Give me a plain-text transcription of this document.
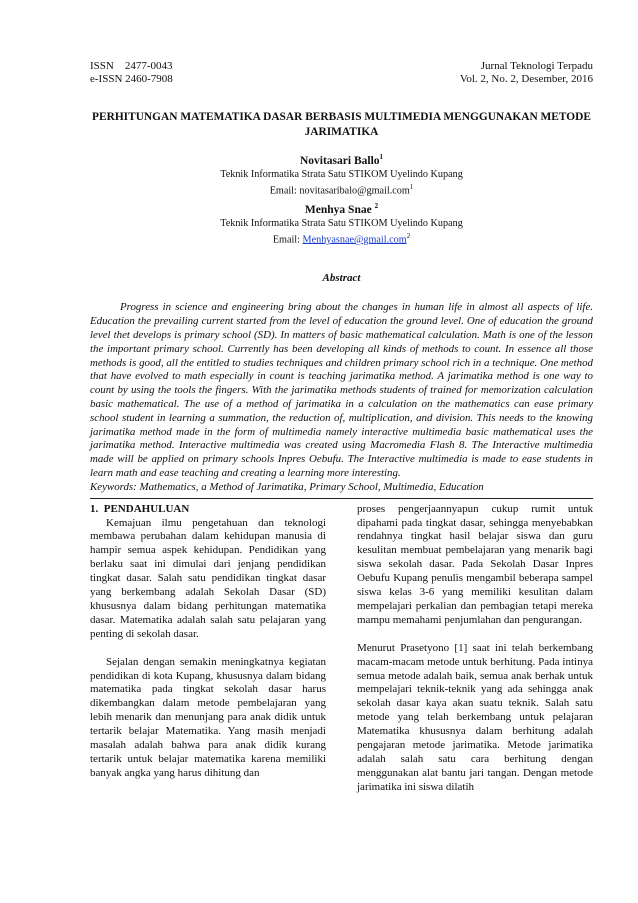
ISSN    2477-0043
e-ISSN 2460-7908
Jurnal Teknologi Terpadu
Vol. 2, No. 2, Desember, 2016
PERHITUNGAN MATEMATIKA DASAR BERBASIS MULTIMEDIA MENGGUNAKAN METODE JARIMATIKA
Novitasari Ballo$^1$
Teknik Informatika Strata Satu STIKOM Uyelindo Kupang
Email: novitasaribalo@gmail.com$^1$
Menhya Snae $^2$
Teknik Informatika Strata Satu STIKOM Uyelindo Kupang
Email: Menhyasnae@gmail.com$^2$
Abstract
Progress in science and engineering bring about the changes in human life in almost all aspects of life. Education the prevailing current started from the level of education the ground level. One of education the ground level thet develops is primary school (SD). In matters of basic mathematical calculation. Math is one of the lesson the important primary school. Currently has been developing all kinds of methods to count. In essence all those methods is good, all the entitled to studies techniques and children primary school rich in a technique. One method that have evolved to math especially in count is teaching jarimatika method. A jarimatika method is one way to count by using the tools the fingers. With the jarimatika methods students of trained for memorization calculation basic mathematical. The use of a method of jarimatika in a calculation on the mathematics can ease primary school student in learning a summation, the reduction of, multiplication, and division. This needs to the knowing jarimatika method made in the form of multimedia namely interactive multimedia basic mathematical uses the jarimatika method. Interactive multimedia was created using Macromedia Flash 8. The Interactive multimedia made will be applied on primary schools Inpres Oebufu. The Interactive multimedia is made to ease students in learn math and ease teaching and creating a learning more interesting.
Keywords: Mathematics, a Method of Jarimatika, Primary School, Multimedia, Education

1.  PENDAHULUAN

Kemajuan ilmu pengetahuan dan teknologi membawa perubahan dalam kehidupan manusia di hampir semua aspek kehidupan. Pendidikan yang berlaku saat ini dimulai dari jenjang pendidikan tingkat dasar. Salah satu pendidikan tingkat dasar yang berkembang adalah Sekolah Dasar (SD) khususnya dalam bidang perhitungan matematika dasar. Matematika adalah salah satu pelajaran yang penting di sekolah dasar.

Sejalan dengan semakin meningkatnya kegiatan pendidikan di kota Kupang, khususnya dalam bidang matematika pada tingkat sekolah dasar harus dikembangkan dalam metode pembelajaran yang lebih menarik dan menunjang para anak didik untuk tertarik belajar Matematika. Yang masih menjadi masalah adalah bahwa para anak didik kurang tertarik untuk belajar matematika karena memiliki banyak angka yang harus dihitung dan

proses pengerjaannyapun cukup rumit untuk dipahami pada tingkat dasar, sehingga menyebabkan rendahnya tingkat hasil belajar siswa dan guru kesulitan membuat pembelajaran yang menarik bagi siswa sekolah dasar. Pada Sekolah Dasar Inpres Oebufu Kupang penulis mengambil beberapa sampel siswa kelas 3-6 yang memiliki kesulitan dalam mempelajari perkalian dan pembagian tetapi mereka mampu memahami penjumlahan dan pengurangan.

Menurut Prasetyono [1] saat ini telah berkembang macam-macam metode untuk berhitung. Pada intinya semua metode adalah baik, semua anak berhak untuk mempelajari teknik-teknik yang ada sehingga anak sekolah dasar kaya akan suatu teknik. Salah satu metode yang telah berkembang untuk pelajaran Matematika khususnya dalam berhitung adalah pengajaran metode jarimatika. Metode jarimatika adalah salah satu cara berhitung dengan menggunakan alat bantu jari tangan. Dengan metode jarimatika ini siswa dilatih
